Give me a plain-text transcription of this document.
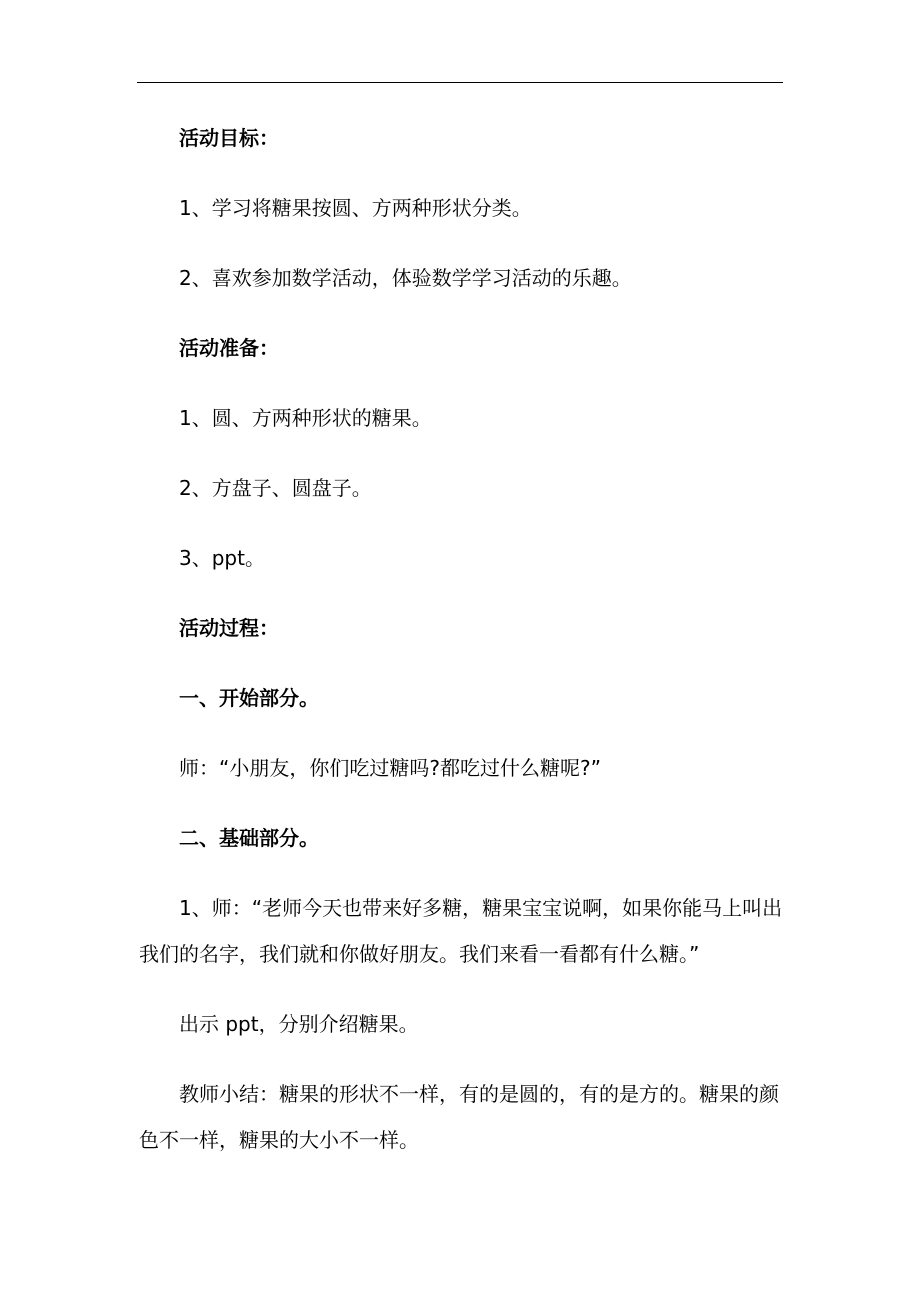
活动目标：

1、学习将糖果按圆、方两种形状分类。

2、喜欢参加数学活动，体验数学学习活动的乐趣。

活动准备：

1、圆、方两种形状的糖果。

2、方盘子、圆盘子。

3、ppt。

活动过程：

一、开始部分。

师：“小朋友，你们吃过糖吗?都吃过什么糖呢?”

二、基础部分。

1、师：“老师今天也带来好多糖，糖果宝宝说啊，如果你能马上叫出我们的名字，我们就和你做好朋友。我们来看一看都有什么糖。”

出示 ppt，分别介绍糖果。

教师小结：糖果的形状不一样，有的是圆的，有的是方的。糖果的颜色不一样，糖果的大小不一样。
